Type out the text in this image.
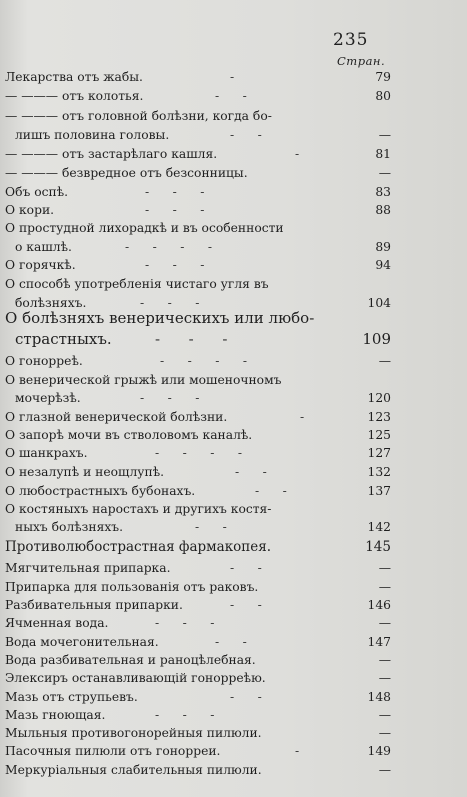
235
Стран.
Лекарства отъ жабы.	-	79
— ——— отъ колотья.	-      -	80
— ——— отъ головной болѣзни, когда бо-
лишъ половина головы.	-      -	—
— ——— отъ застарѣлаго кашля.	-	81
— ——— безвредное отъ безсонницы.	—
Объ оспѣ.	-      -      -	83
О кори.	-      -      -	88
О простудной лихорадкѣ и въ особенности
о кашлѣ.	-      -      -      -	89
О горячкѣ.	-      -      -	94
О способѣ употребленія чистаго угля въ
болѣзняхъ.	-      -      -	104
О болѣзняхъ венерическихъ или любо-
страстныхъ.	-      -      -	109
О гонорреѣ.	-      -      -      -	—
О венерической грыжѣ или мошеночномъ
мочерѣзѣ.	-      -      -	120
О глазной венерической болѣзни.	-	123
О запорѣ мочи въ стволовомъ каналѣ.	125
О шанкрахъ.	-      -      -      -	127
О незалупѣ и неощлупѣ.	-      -	132
О любострастныхъ бубонахъ.	-      -	137
О костяныхъ наростахъ и другихъ костя-
ныхъ болѣзняхъ.	-      -	142
Противолюбострастная фармакопея.	145
Мягчительная припарка.	-      -	—
Припарка для пользованія отъ раковъ.	—
Разбивательныя припарки.	-      -	146
Ячменная вода.	-      -      -	—
Вода мочегонительная.	-      -	147
Вода разбивательная и раноцѣлебная.	—
Элексиръ останавливающій гонорреѣю.	—
Мазь отъ струпьевъ.	-      -	148
Мазь гноющая.	-      -      -	—
Мыльныя противогонорейныя пилюли.	—
Пасочныя пилюли отъ гонорреи.	-	149
Меркуріальныя слабительныя пилюли.	—
